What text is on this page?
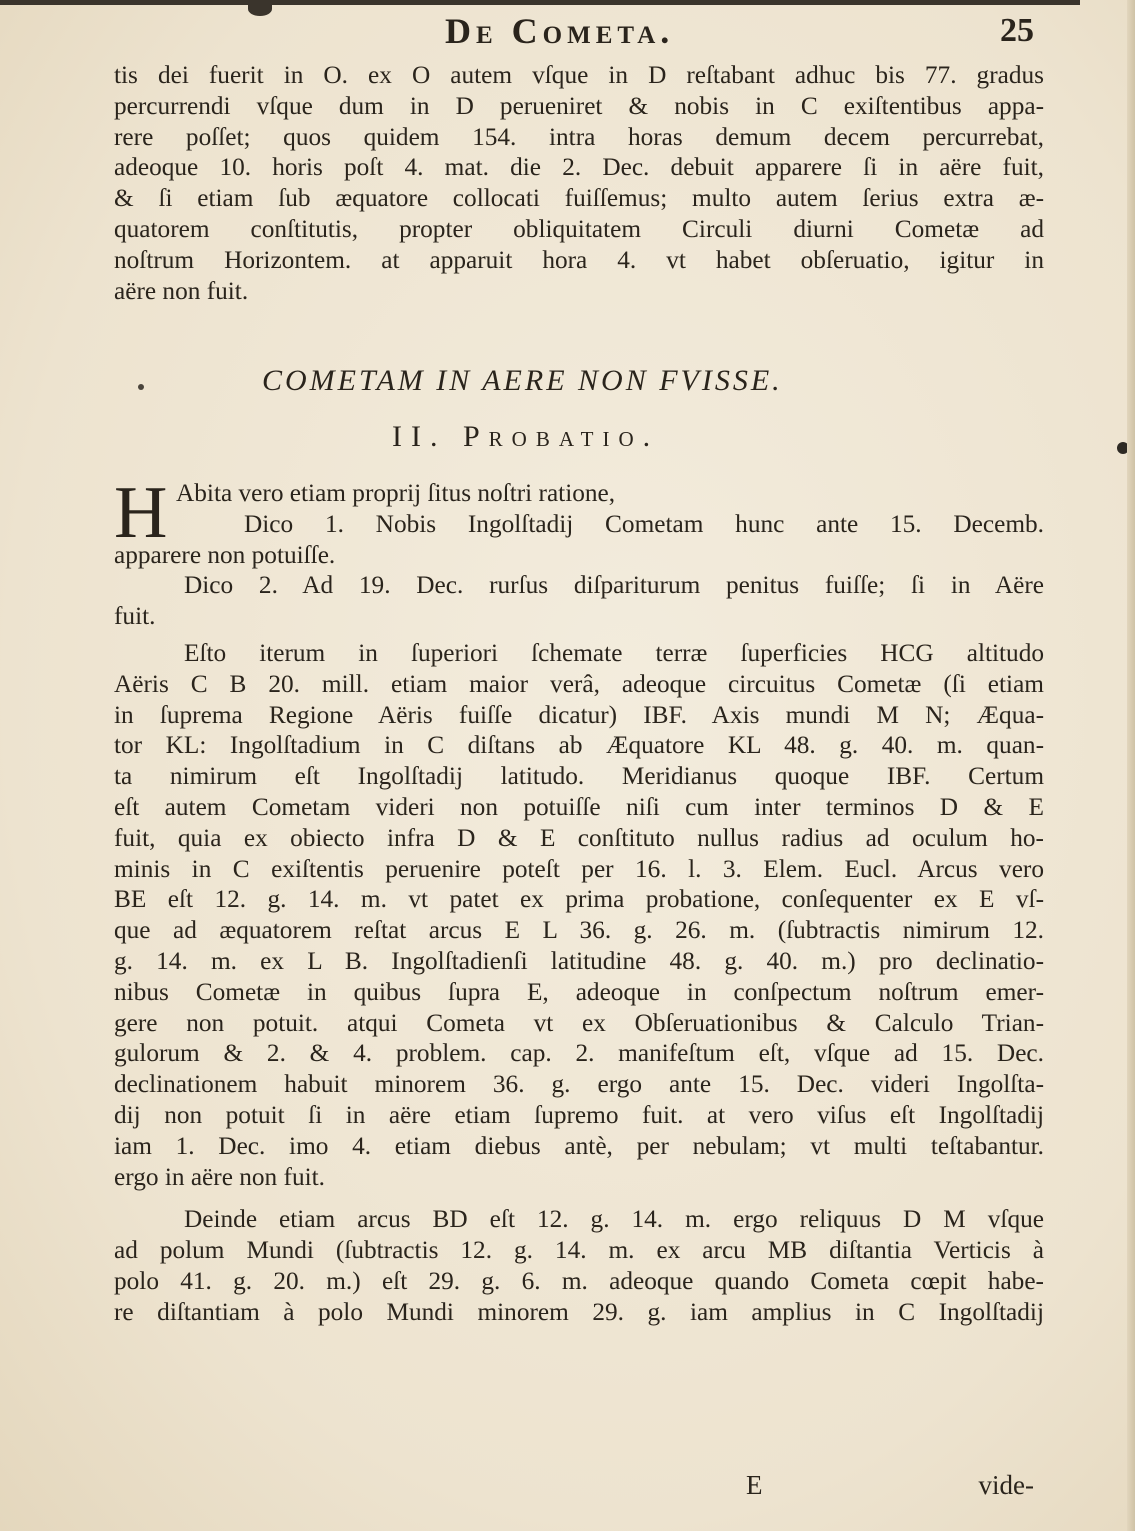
De Cometa.	25
tis dei fuerit in O. ex O autem vſque in D reſtabant adhuc bis 77. gradus
percurrendi vſque dum in D perueniret & nobis in C exiſtentibus appa-
rere poſſet; quos quidem 154. intra horas demum decem percurrebat,
adeoque 10. horis poſt 4. mat. die 2. Dec. debuit apparere ſi in aëre fuit,
& ſi etiam ſub æquatore collocati fuiſſemus; multo autem ſerius extra æ-
quatorem conſtitutis, propter obliquitatem Circuli diurni Cometæ ad
noſtrum Horizontem. at apparuit hora 4. vt habet obſeruatio, igitur in
aëre non fuit.
COMETAM IN AERE NON FVISSE.
II. Probatio.
H Abita vero etiam proprij ſitus noſtri ratione,
Dico 1. Nobis Ingolſtadij Cometam hunc ante 15. Decemb.
apparere non potuiſſe.
Dico 2. Ad 19. Dec. rurſus diſpariturum penitus fuiſſe; ſi in Aëre
fuit.
Eſto iterum in ſuperiori ſchemate terræ ſuperficies HCG altitudo
Aëris C B 20. mill. etiam maior verâ, adeoque circuitus Cometæ (ſi etiam
in ſuprema Regione Aëris fuiſſe dicatur) IBF. Axis mundi M N; Æqua-
tor KL: Ingolſtadium in C diſtans ab Æquatore KL 48. g. 40. m. quan-
ta nimirum eſt Ingolſtadij latitudo. Meridianus quoque IBF. Certum
eſt autem Cometam videri non potuiſſe niſi cum inter terminos D & E
fuit, quia ex obiecto infra D & E conſtituto nullus radius ad oculum ho-
minis in C exiſtentis peruenire poteſt per 16. l. 3. Elem. Eucl. Arcus vero
BE eſt 12. g. 14. m. vt patet ex prima probatione, conſequenter ex E vſ-
que ad æquatorem reſtat arcus E L 36. g. 26. m. (ſubtractis nimirum 12.
g. 14. m. ex L B. Ingolſtadienſi latitudine 48. g. 40. m.) pro declinatio-
nibus Cometæ in quibus ſupra E, adeoque in conſpectum noſtrum emer-
gere non potuit. atqui Cometa vt ex Obſeruationibus & Calculo Trian-
gulorum & 2. & 4. problem. cap. 2. manifeſtum eſt, vſque ad 15. Dec.
declinationem habuit minorem 36. g. ergo ante 15. Dec. videri Ingolſta-
dij non potuit ſi in aëre etiam ſupremo fuit. at vero viſus eſt Ingolſtadij
iam 1. Dec. imo 4. etiam diebus antè, per nebulam; vt multi teſtabantur.
ergo in aëre non fuit.
Deinde etiam arcus BD eſt 12. g. 14. m. ergo reliquus D M vſque
ad polum Mundi (ſubtractis 12. g. 14. m. ex arcu MB diſtantia Verticis à
polo 41. g. 20. m.) eſt 29. g. 6. m. adeoque quando Cometa cœpit habe-
re diſtantiam à polo Mundi minorem 29. g. iam amplius in C Ingolſtadij
E	vide-
